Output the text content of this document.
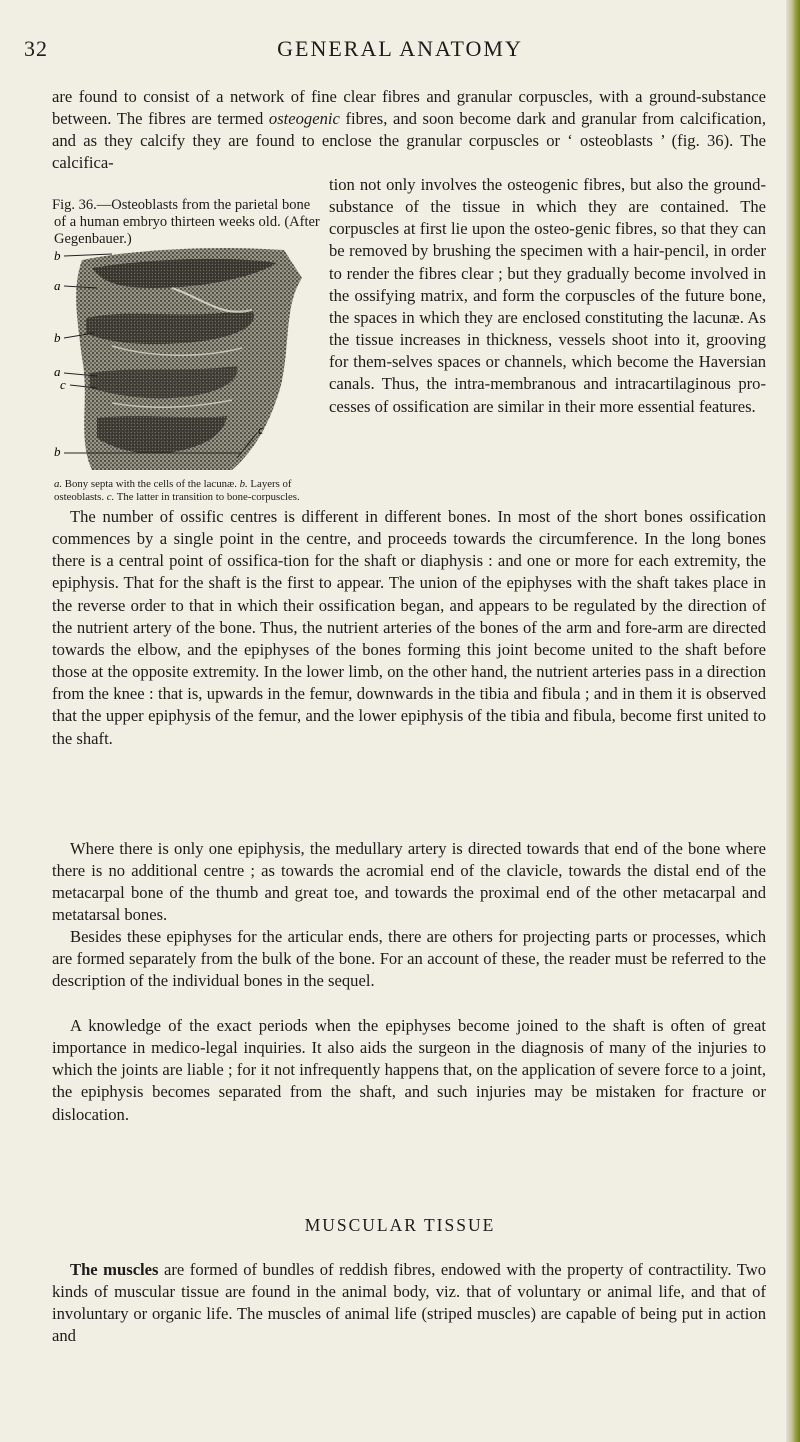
32	GENERAL ANATOMY

are found to consist of a network of fine clear fibres and granular corpuscles, with a ground-substance between. The fibres are termed osteogenic fibres, and soon become dark and granular from calcification, and as they calcify they are found to enclose the granular corpuscles or ‘ osteoblasts ’ (fig. 36). The calcifica-

tion not only involves the osteogenic fibres, but also the ground-substance of the tissue in which they are contained. The corpuscles at first lie upon the osteo-genic fibres, so that they can be removed by brushing the specimen with a hair-pencil, in order to render the fibres clear ; but they gradually become involved in the ossifying matrix, and form the corpuscles of the future bone, the spaces in which they are enclosed constituting the lacunæ. As the tissue increases in thickness, vessels shoot into it, grooving for them-selves spaces or channels, which become the Haversian canals. Thus, the intra-membranous and intracartilaginous pro-cesses of ossification are similar in their more essential features.

Fig. 36.—Osteoblasts from the parietal bone of a human embryo thirteen weeks old. (After Gegenbauer.)
b
a
b
a
c
b
c
a. Bony septa with the cells of the lacunæ. b. Layers of osteoblasts. c. The latter in transition to bone-corpuscles.

The number of ossific centres is different in different bones. In most of the short bones ossification commences by a single point in the centre, and proceeds towards the circumference. In the long bones there is a central point of ossifica-tion for the shaft or diaphysis : and one or more for each extremity, the epiphysis. That for the shaft is the first to appear. The union of the epiphyses with the shaft takes place in the reverse order to that in which their ossification began, and appears to be regulated by the direction of the nutrient artery of the bone. Thus, the nutrient arteries of the bones of the arm and fore-arm are directed towards the elbow, and the epiphyses of the bones forming this joint become united to the shaft before those at the opposite extremity. In the lower limb, on the other hand, the nutrient arteries pass in a direction from the knee : that is, upwards in the femur, downwards in the tibia and fibula ; and in them it is observed that the upper epiphysis of the femur, and the lower epiphysis of the tibia and fibula, become first united to the shaft.

Where there is only one epiphysis, the medullary artery is directed towards that end of the bone where there is no additional centre ; as towards the acromial end of the clavicle, towards the distal end of the metacarpal bone of the thumb and great toe, and towards the proximal end of the other metacarpal and metatarsal bones.

Besides these epiphyses for the articular ends, there are others for projecting parts or processes, which are formed separately from the bulk of the bone. For an account of these, the reader must be referred to the description of the individual bones in the sequel.

A knowledge of the exact periods when the epiphyses become joined to the shaft is often of great importance in medico-legal inquiries. It also aids the surgeon in the diagnosis of many of the injuries to which the joints are liable ; for it not infrequently happens that, on the application of severe force to a joint, the epiphysis becomes separated from the shaft, and such injuries may be mistaken for fracture or dislocation.

MUSCULAR TISSUE

The muscles are formed of bundles of reddish fibres, endowed with the property of contractility. Two kinds of muscular tissue are found in the animal body, viz. that of voluntary or animal life, and that of involuntary or organic life. The muscles of animal life (striped muscles) are capable of being put in action and
